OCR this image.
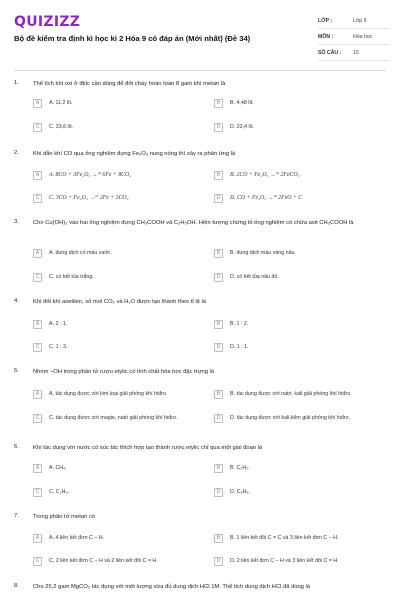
QUIZIZZ
Bộ đề kiểm tra định kì học kì 2 Hóa 9 có đáp án (Mới nhất) (Đề 34)
LỚP :	Lớp 9
MÔN :	Hóa học
SỐ CÂU :	15
1. Thể tích khí oxi ở đktc cần dùng để đốt cháy hoàn toàn 8 gam khí metan là
A	A. 11,2 lít.	B	B. 4,48 lít.
C	C. 33,6 lít.	D	D. 22,4 lít.
2. Khi dẫn khí CO qua ống nghiệm đựng Fe₂O₃ nung nóng thì xảy ra phản ứng là
A	A. 8CO + 3Fe₂O₃ →ᵗ° 6Fe + 8CO₂	B	B. 2CO + Fe₂O₃ →ᵗ° 2FeCO₃
C	C. 3CO + Fe₂O₃ →ᵗ° 2Fe + 3CO₂	D	D. CO + Fe₂O₃ →ᵗ° 2FeO + C
3. Cho Cu(OH)₂ vào hai ống nghiệm đựng CH₃COOH và C₂H₅OH. Hiện tượng chứng tỏ ống nghiệm có chứa axit CH₃COOH là
A	A. dung dịch có màu xanh.	B	B. dung dịch màu vàng nâu.
C	C. có kết tủa trắng.	D	D. có kết tủa nâu đỏ.
4. Khi đốt khí axetilen, số mol CO₂ và H₂O được tạo thành theo tỉ lệ là
A	A. 2 : 1.	B	B. 1 : 2.
C	C. 1 : 3.	D	D. 1 : 1.
5. Nhóm –OH trong phân tử rượu etylic có tính chất hóa học đặc trưng là
A	A. tác dụng được với kim loại giải phóng khí hiđro.	B	B. tác dụng được với natri, kali giải phóng khí hiđro.
C	C. tác dụng được với magie, natri giải phóng khí hiđro.	D	D. tác dụng được với kali,kẽm giải phóng khí hiđro.
6. Khí tác dụng với nước có xúc tác thích hợp tạo thành rượu etylic chỉ qua một giai đoạn là
A	A. CH₄.	B	B. C₂H₂.
C	C. C₂H₄.	D	D. C₆H₆.
7. Trong phân tử metan có
A	A. 4 liên kết đơn C – H.	B	B. 1 liên kết đôi C = C và 3 liên kết đơn C – H.
C	C. 2 liên kết đơn C – H và 2 liên kết đôi C = H.	D	D. 2 liên kết đơn C – H và 3 liên kết đôi C = H.
8. Cho 25,2 gam MgCO₃ tác dụng với một lượng vừa đủ dung dịch HCl 1M. Thể tích dung dịch HCl đã dùng là
